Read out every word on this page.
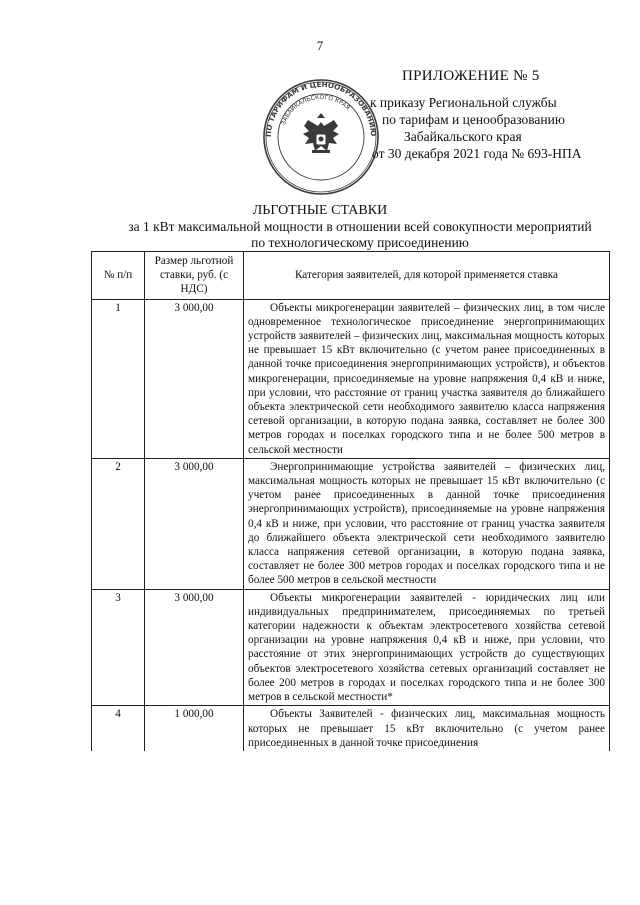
7
ПО ТАРИФАМ И ЦЕНООБРАЗОВАНИЮ
ЗАБАЙКАЛЬСКОГО КРАЯ
ПРИЛОЖЕНИЕ № 5
к приказу Региональной службы
по тарифам и ценообразованию
Забайкальского края
от 30 декабря 2021 года № 693-НПА
ЛЬГОТНЫЕ СТАВКИ
за 1 кВт максимальной мощности в отношении всей совокупности мероприятий
по технологическому присоединению
№ п/п	Размер льготной ставки, руб. (с НДС)	Категория заявителей, для которой применяется ставка
1	3 000,00	Объекты микрогенерации заявителей – физических лиц, в том числе одновременное технологическое присоединение энергопринимающих устройств заявителей – физических лиц, максимальная мощность которых не превышает 15 кВт включительно (с учетом ранее присоединенных в данной точке присоединения энергопринимающих устройств), и объектов микрогенерации, присоединяемые на уровне напряжения 0,4 кВ и ниже, при условии, что расстояние от границ участка заявителя до ближайшего объекта электрической сети необходимого заявителю класса напряжения сетевой организации, в которую подана заявка, составляет не более 300 метров городах и поселках городского типа и не более 500 метров в сельской местности
2	3 000,00	Энергопринимающие устройства заявителей – физических лиц, максимальная мощность которых не превышает 15 кВт включительно (с учетом ранее присоединенных в данной точке присоединения энергопринимающих устройств), присоединяемые на уровне напряжения 0,4 кВ и ниже, при условии, что расстояние от границ участка заявителя до ближайшего объекта электрической сети необходимого заявителю класса напряжения сетевой организации, в которую подана заявка, составляет не более 300 метров городах и поселках городского типа и не более 500 метров в сельской местности
3	3 000,00	Объекты микрогенерации заявителей - юридических лиц или индивидуальных предпринимателем, присоединяемых по третьей категории надежности к объектам электросетевого хозяйства сетевой организации на уровне напряжения 0,4 кВ и ниже, при условии, что расстояние от этих энергопринимающих устройств до существующих объектов электросетевого хозяйства сетевых организаций составляет не более 200 метров в городах и поселках городского типа и не более 300 метров в сельской местности*
4	1 000,00	Объекты Заявителей - физических лиц, максимальная мощность которых не превышает 15 кВт включительно (с учетом ранее присоединенных в данной точке присоединения
